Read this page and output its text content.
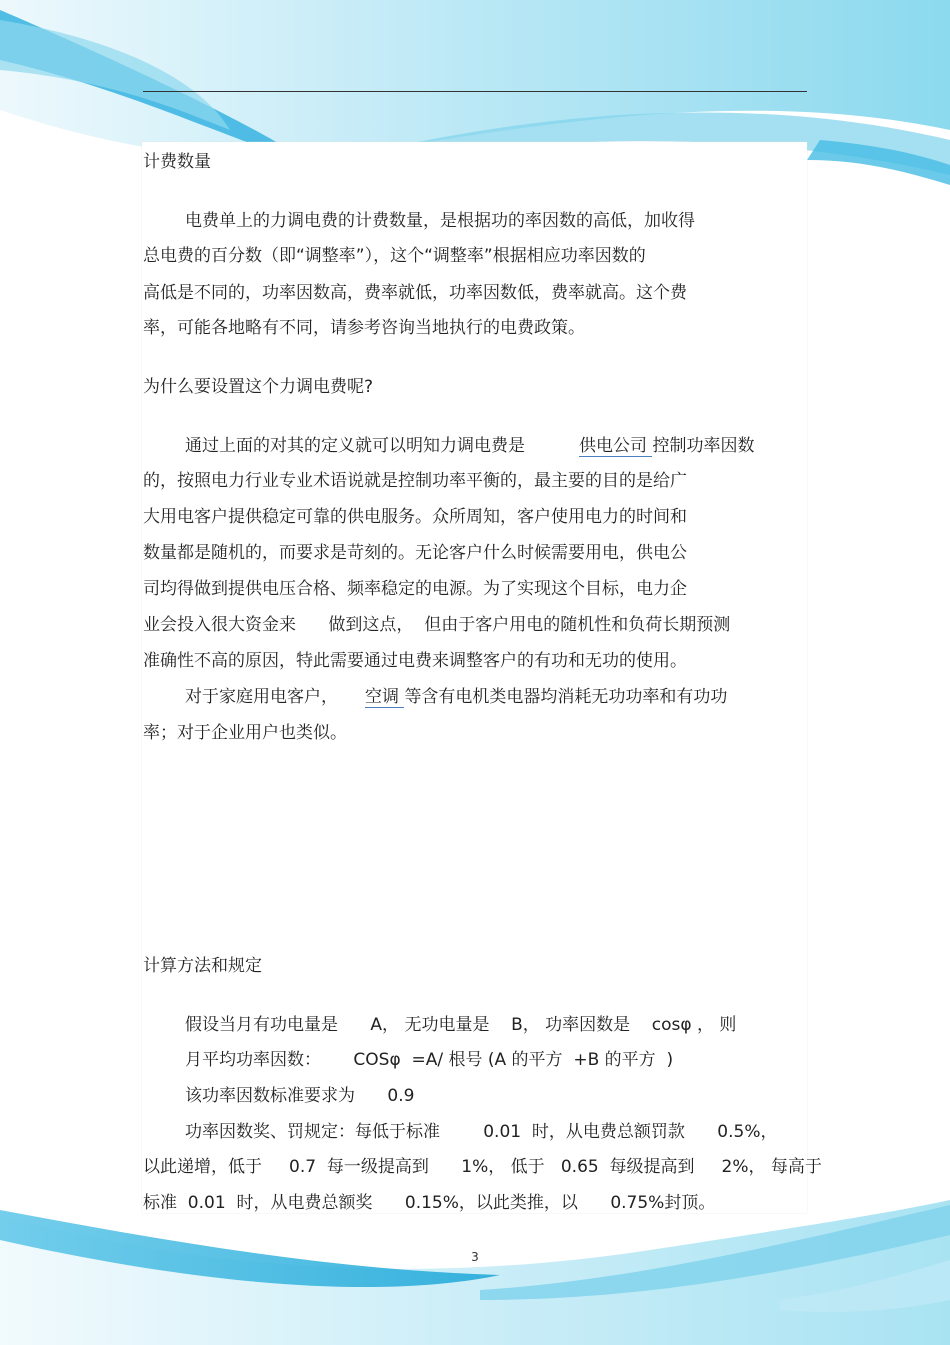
计费数量
电费单上的力调电费的计费数量，是根据功的率因数的高低，加收得
总电费的百分数（即“调整率”），这个“调整率”根据相应功率因数的
高低是不同的，功率因数高，费率就低，功率因数低，费率就高。这个费
率，可能各地略有不同，请参考咨询当地执行的电费政策。
为什么要设置这个力调电费呢?
通过上面的对其的定义就可以明知力调电费是          供电公司 控制功率因数
的，按照电力行业专业术语说就是控制功率平衡的，最主要的目的是给广
大用电客户提供稳定可靠的供电服务。众所周知，客户使用电力的时间和
数量都是随机的，而要求是苛刻的。无论客户什么时候需要用电，供电公
司均得做到提供电压合格、频率稳定的电源。为了实现这个目标，电力企
业会投入很大资金来      做到这点，  但由于客户用电的随机性和负荷长期预测
准确性不高的原因，特此需要通过电费来调整客户的有功和无功的使用。
对于家庭用电客户，     空调 等含有电机类电器均消耗无功功率和有功功
率；对于企业用户也类似。
计算方法和规定
假设当月有功电量是      A， 无功电量是    B， 功率因数是    cosφ ， 则
月平均功率因数：      COSφ  =A/ 根号 (A 的平方  +B 的平方  )
该功率因数标准要求为      0.9
功率因数奖、罚规定：每低于标准        0.01  时，从电费总额罚款      0.5%，
以此递增，低于     0.7  每一级提高到      1%， 低于   0.65  每级提高到     2%， 每高于
标准  0.01  时，从电费总额奖      0.15%，以此类推，以      0.75%封顶。
3
